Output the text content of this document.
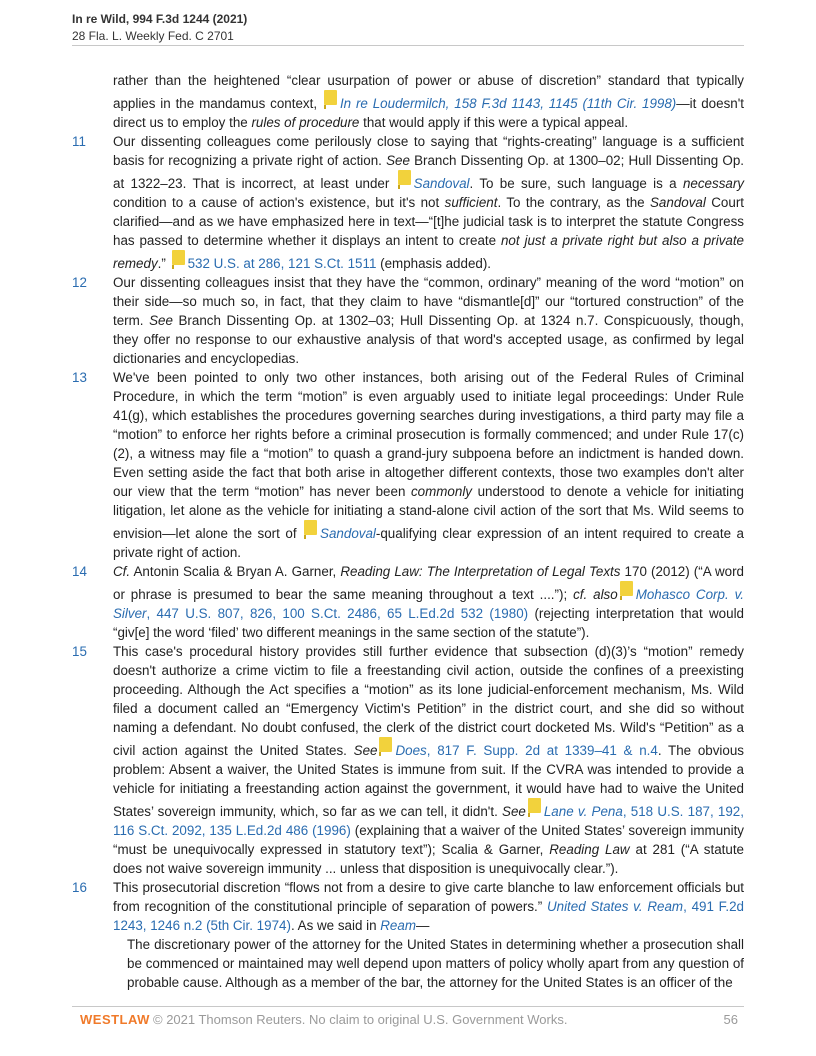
In re Wild, 994 F.3d 1244 (2021)
28 Fla. L. Weekly Fed. C 2701

rather than the heightened “clear usurpation of power or abuse of discretion” standard that typically applies in the mandamus context, In re Loudermilch, 158 F.3d 1143, 1145 (11th Cir. 1998)—it doesn't direct us to employ the rules of procedure that would apply if this were a typical appeal.

11 Our dissenting colleagues come perilously close to saying that “rights-creating” language is a sufficient basis for recognizing a private right of action. See Branch Dissenting Op. at 1300–02; Hull Dissenting Op. at 1322–23. That is incorrect, at least under Sandoval. To be sure, such language is a necessary condition to a cause of action's existence, but it's not sufficient. To the contrary, as the Sandoval Court clarified—and as we have emphasized here in text—“[t]he judicial task is to interpret the statute Congress has passed to determine whether it displays an intent to create not just a private right but also a private remedy.” 532 U.S. at 286, 121 S.Ct. 1511 (emphasis added).

12 Our dissenting colleagues insist that they have the “common, ordinary” meaning of the word “motion” on their side—so much so, in fact, that they claim to have “dismantle[d]” our “tortured construction” of the term. See Branch Dissenting Op. at 1302–03; Hull Dissenting Op. at 1324 n.7. Conspicuously, though, they offer no response to our exhaustive analysis of that word's accepted usage, as confirmed by legal dictionaries and encyclopedias.

13 We've been pointed to only two other instances, both arising out of the Federal Rules of Criminal Procedure, in which the term “motion” is even arguably used to initiate legal proceedings: Under Rule 41(g), which establishes the procedures governing searches during investigations, a third party may file a “motion” to enforce her rights before a criminal prosecution is formally commenced; and under Rule 17(c)(2), a witness may file a “motion” to quash a grand-jury subpoena before an indictment is handed down. Even setting aside the fact that both arise in altogether different contexts, those two examples don't alter our view that the term “motion” has never been commonly understood to denote a vehicle for initiating litigation, let alone as the vehicle for initiating a stand-alone civil action of the sort that Ms. Wild seems to envision—let alone the sort of Sandoval-qualifying clear expression of an intent required to create a private right of action.

14 Cf. Antonin Scalia & Bryan A. Garner, Reading Law: The Interpretation of Legal Texts 170 (2012) (“A word or phrase is presumed to bear the same meaning throughout a text ....”); cf. also Mohasco Corp. v. Silver, 447 U.S. 807, 826, 100 S.Ct. 2486, 65 L.Ed.2d 532 (1980) (rejecting interpretation that would “giv[e] the word ‘filed’ two different meanings in the same section of the statute”).

15 This case's procedural history provides still further evidence that subsection (d)(3)’s “motion” remedy doesn't authorize a crime victim to file a freestanding civil action, outside the confines of a preexisting proceeding. Although the Act specifies a “motion” as its lone judicial-enforcement mechanism, Ms. Wild filed a document called an “Emergency Victim's Petition” in the district court, and she did so without naming a defendant. No doubt confused, the clerk of the district court docketed Ms. Wild's “Petition” as a civil action against the United States. See Does, 817 F. Supp. 2d at 1339–41 & n.4. The obvious problem: Absent a waiver, the United States is immune from suit. If the CVRA was intended to provide a vehicle for initiating a freestanding action against the government, it would have had to waive the United States’ sovereign immunity, which, so far as we can tell, it didn't. See Lane v. Pena, 518 U.S. 187, 192, 116 S.Ct. 2092, 135 L.Ed.2d 486 (1996) (explaining that a waiver of the United States’ sovereign immunity “must be unequivocally expressed in statutory text”); Scalia & Garner, Reading Law at 281 (“A statute does not waive sovereign immunity ... unless that disposition is unequivocally clear.”).

16 This prosecutorial discretion “flows not from a desire to give carte blanche to law enforcement officials but from recognition of the constitutional principle of separation of powers.” United States v. Ream, 491 F.2d 1243, 1246 n.2 (5th Cir. 1974). As we said in Ream—

The discretionary power of the attorney for the United States in determining whether a prosecution shall be commenced or maintained may well depend upon matters of policy wholly apart from any question of probable cause. Although as a member of the bar, the attorney for the United States is an officer of the

WESTLAW © 2021 Thomson Reuters. No claim to original U.S. Government Works.	56
